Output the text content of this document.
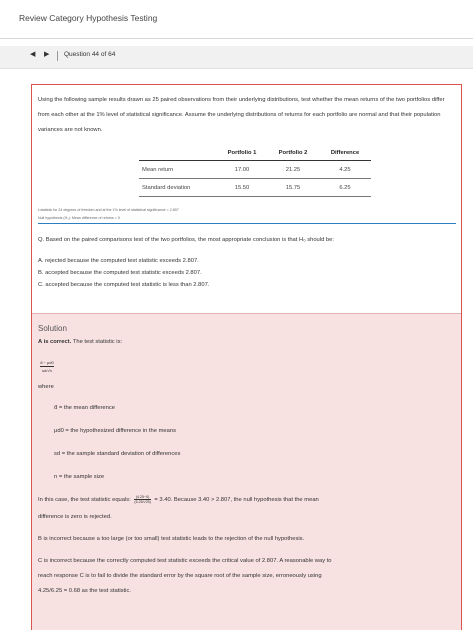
Review Category Hypothesis Testing
◀ ▶ Question 44 of 64
Using the following sample results drawn as 25 paired observations from their underlying distributions, test whether the mean returns of the two portfolios differ from each other at the 1% level of statistical significance. Assume the underlying distributions of returns for each portfolio are normal and that their population variances are not known.
	Portfolio 1	Portfolio 2	Difference
Mean return	17.00	21.25	4.25
Standard deviation	15.50	15.75	6.25
t-statistic for 24 degrees of freedom and at the 1% level of statistical significance = 2.807
Null hypothesis (H₀): Mean difference of returns = 0
Q. Based on the paired comparisons test of the two portfolios, the most appropriate conclusion is that H₀ should be:
A. rejected because the computed test statistic exceeds 2.807.
B. accepted because the computed test statistic exceeds 2.807.
C. accepted because the computed test statistic is less than 2.807.
Solution
A is correct. The test statistic is:
d̄ − μd0
sd/√n
where
d̄ = the mean difference
μd0 = the hypothesized difference in the means
sd = the sample standard deviation of differences
n = the sample size
In this case, the test statistic equals: $\frac{(4.25-0)}{(6.25/√25)} = 3.40$. Because 3.40 > 2.807, the null hypothesis that the mean
difference is zero is rejected.
B is incorrect because a too large (or too small) test statistic leads to the rejection of the null hypothesis.
C is incorrect because the correctly computed test statistic exceeds the critical value of 2.807. A reasonable way to
reach response C is to fail to divide the standard error by the square root of the sample size, erroneously using
4.25/6.25 = 0.68 as the test statistic.
